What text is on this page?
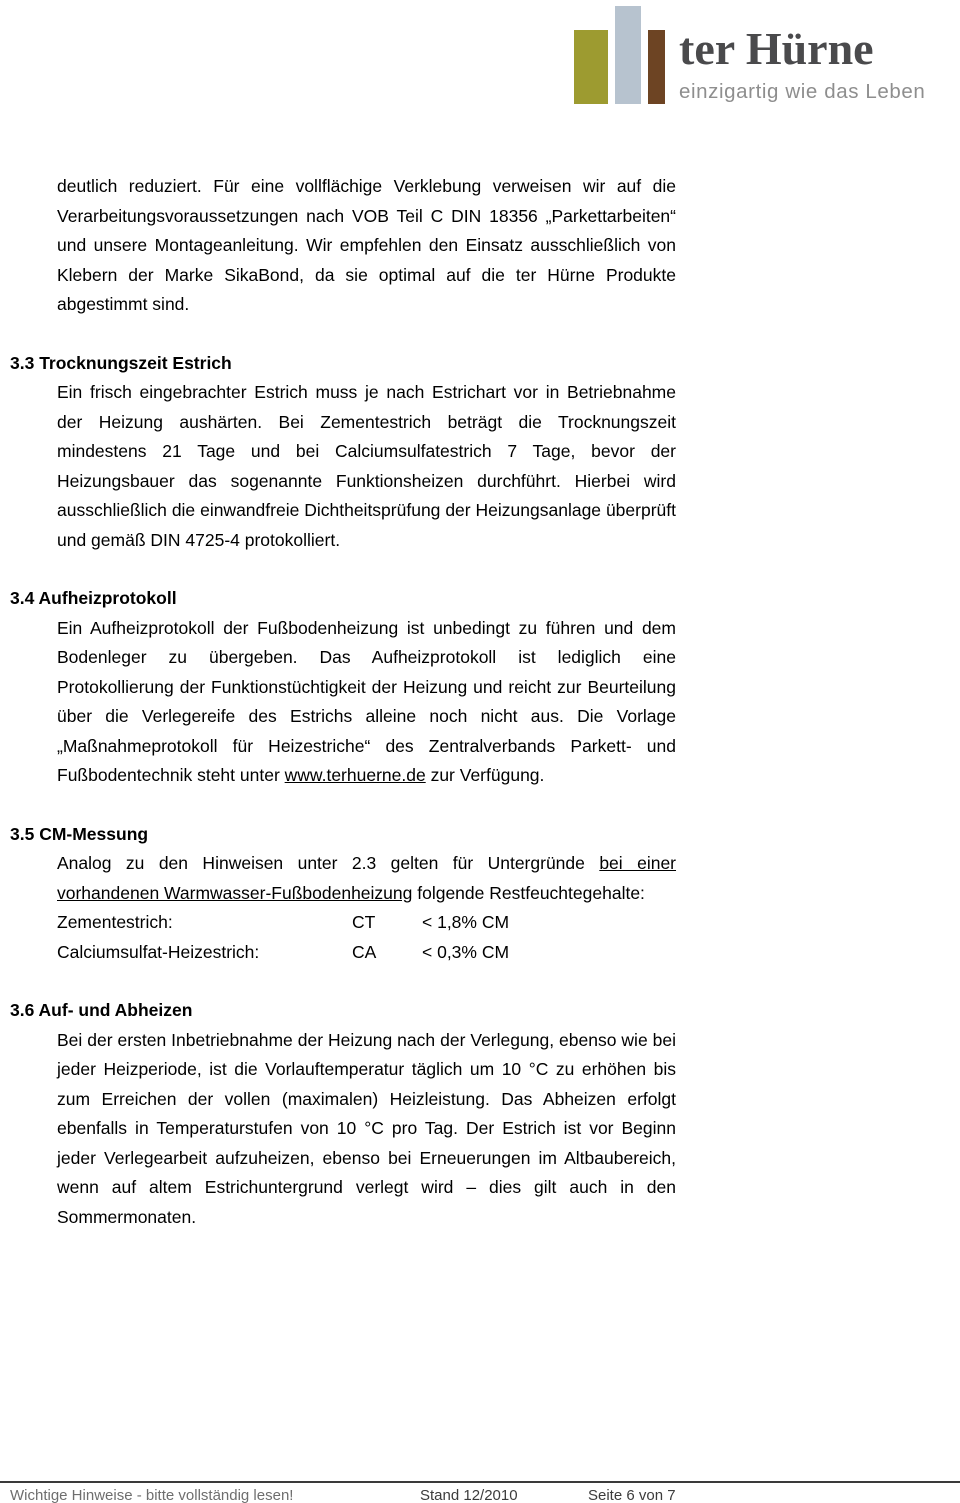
ter Hürne
einzigartig wie das Leben

deutlich reduziert. Für eine vollflächige Verklebung verweisen wir auf die Verarbeitungsvoraussetzungen nach VOB Teil C DIN 18356 „Parkettarbeiten“ und unsere Montageanleitung. Wir empfehlen den Einsatz ausschließlich von Klebern der Marke SikaBond, da sie optimal auf die ter Hürne Produkte abgestimmt sind.

3.3 Trocknungszeit Estrich

Ein frisch eingebrachter Estrich muss je nach Estrichart vor in Betriebnahme der Heizung aushärten. Bei Zementestrich beträgt die Trocknungszeit mindestens 21 Tage und bei Calciumsulfatestrich 7 Tage, bevor der Heizungsbauer das sogenannte Funktionsheizen durchführt. Hierbei wird ausschließlich die einwandfreie Dichtheitsprüfung der Heizungsanlage überprüft und gemäß DIN 4725-4 protokolliert.

3.4 Aufheizprotokoll

Ein Aufheizprotokoll der Fußbodenheizung ist unbedingt zu führen und dem Bodenleger zu übergeben. Das Aufheizprotokoll ist lediglich eine Protokollierung der Funktionstüchtigkeit der Heizung und reicht zur Beurteilung über die Verlegereife des Estrichs alleine noch nicht aus. Die Vorlage „Maßnahmeprotokoll für Heizestriche“ des Zentralverbands Parkett- und Fußbodentechnik steht unter www.terhuerne.de zur Verfügung.

3.5 CM-Messung

Analog zu den Hinweisen unter 2.3 gelten für Untergründe bei einer vorhandenen Warmwasser-Fußbodenheizung folgende Restfeuchtegehalte:

Zementestrich:	CT	< 1,8% CM
Calciumsulfat-Heizestrich:	CA	< 0,3% CM
3.6 Auf- und Abheizen

Bei der ersten Inbetriebnahme der Heizung nach der Verlegung, ebenso wie bei jeder Heizperiode, ist die Vorlauftemperatur täglich um 10 °C zu erhöhen bis zum Erreichen der vollen (maximalen) Heizleistung. Das Abheizen erfolgt ebenfalls in Temperaturstufen von 10 °C pro Tag. Der Estrich ist vor Beginn jeder Verlegearbeit aufzuheizen, ebenso bei Erneuerungen im Altbaubereich, wenn auf altem Estrichuntergrund verlegt wird – dies gilt auch in den Sommermonaten.

Wichtige Hinweise - bitte vollständig lesen!	Stand 12/2010	Seite 6 von 7
